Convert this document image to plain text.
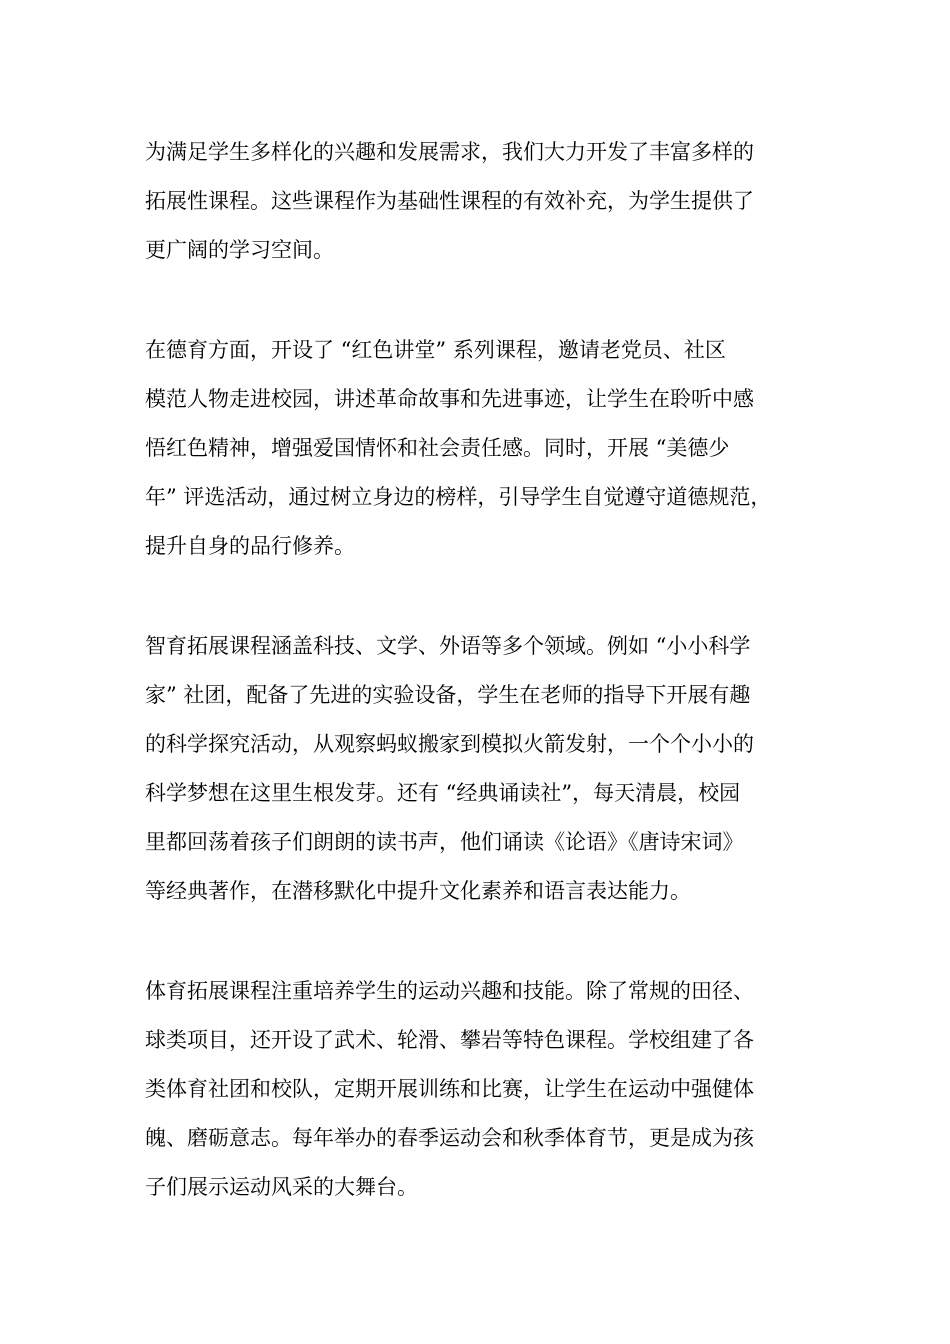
为满足学生多样化的兴趣和发展需求，我们大力开发了丰富多样的
拓展性课程。这些课程作为基础性课程的有效补充，为学生提供了
更广阔的学习空间。

在德育方面，开设了 “红色讲堂” 系列课程，邀请老党员、社区
模范人物走进校园，讲述革命故事和先进事迹，让学生在聆听中感
悟红色精神，增强爱国情怀和社会责任感。同时，开展 “美德少
年” 评选活动，通过树立身边的榜样，引导学生自觉遵守道德规范，
提升自身的品行修养。

智育拓展课程涵盖科技、文学、外语等多个领域。例如 “小小科学
家” 社团，配备了先进的实验设备，学生在老师的指导下开展有趣
的科学探究活动，从观察蚂蚁搬家到模拟火箭发射，一个个小小的
科学梦想在这里生根发芽。还有 “经典诵读社”，每天清晨，校园
里都回荡着孩子们朗朗的读书声，他们诵读《论语》《唐诗宋词》
等经典著作，在潜移默化中提升文化素养和语言表达能力。

体育拓展课程注重培养学生的运动兴趣和技能。除了常规的田径、
球类项目，还开设了武术、轮滑、攀岩等特色课程。学校组建了各
类体育社团和校队，定期开展训练和比赛，让学生在运动中强健体
魄、磨砺意志。每年举办的春季运动会和秋季体育节，更是成为孩
子们展示运动风采的大舞台。
